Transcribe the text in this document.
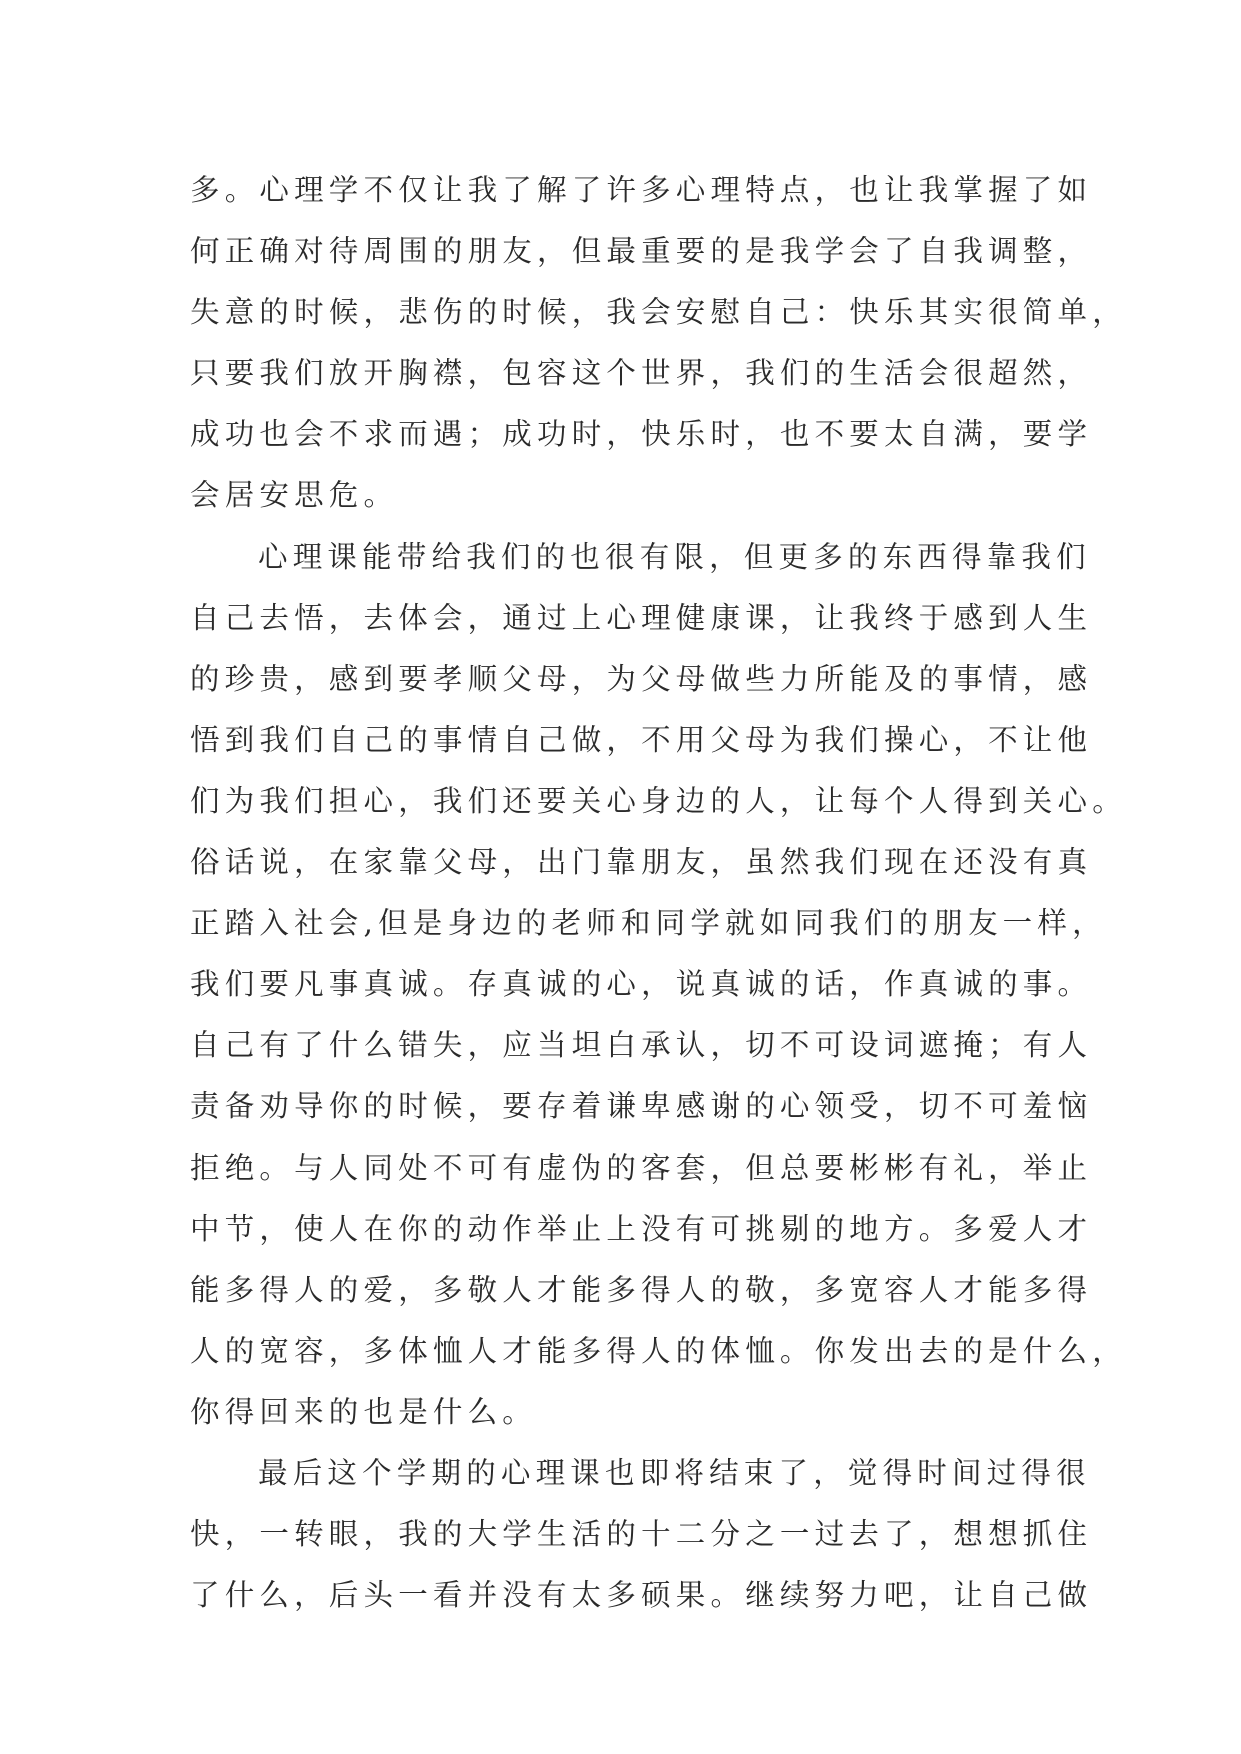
多。心理学不仅让我了解了许多心理特点，也让我掌握了如
何正确对待周围的朋友，但最重要的是我学会了自我调整，
失意的时候，悲伤的时候，我会安慰自己：快乐其实很简单，
只要我们放开胸襟，包容这个世界，我们的生活会很超然，
成功也会不求而遇；成功时，快乐时，也不要太自满，要学
会居安思危。
心理课能带给我们的也很有限，但更多的东西得靠我们
自己去悟，去体会，通过上心理健康课，让我终于感到人生
的珍贵，感到要孝顺父母，为父母做些力所能及的事情，感
悟到我们自己的事情自己做，不用父母为我们操心，不让他
们为我们担心，我们还要关心身边的人，让每个人得到关心。
俗话说，在家靠父母，出门靠朋友，虽然我们现在还没有真
正踏入社会,但是身边的老师和同学就如同我们的朋友一样，
我们要凡事真诚。存真诚的心，说真诚的话，作真诚的事。
自己有了什么错失，应当坦白承认，切不可设词遮掩；有人
责备劝导你的时候，要存着谦卑感谢的心领受，切不可羞恼
拒绝。与人同处不可有虚伪的客套，但总要彬彬有礼，举止
中节，使人在你的动作举止上没有可挑剔的地方。多爱人才
能多得人的爱，多敬人才能多得人的敬，多宽容人才能多得
人的宽容，多体恤人才能多得人的体恤。你发出去的是什么，
你得回来的也是什么。
最后这个学期的心理课也即将结束了，觉得时间过得很
快，一转眼，我的大学生活的十二分之一过去了，想想抓住
了什么，后头一看并没有太多硕果。继续努力吧，让自己做
